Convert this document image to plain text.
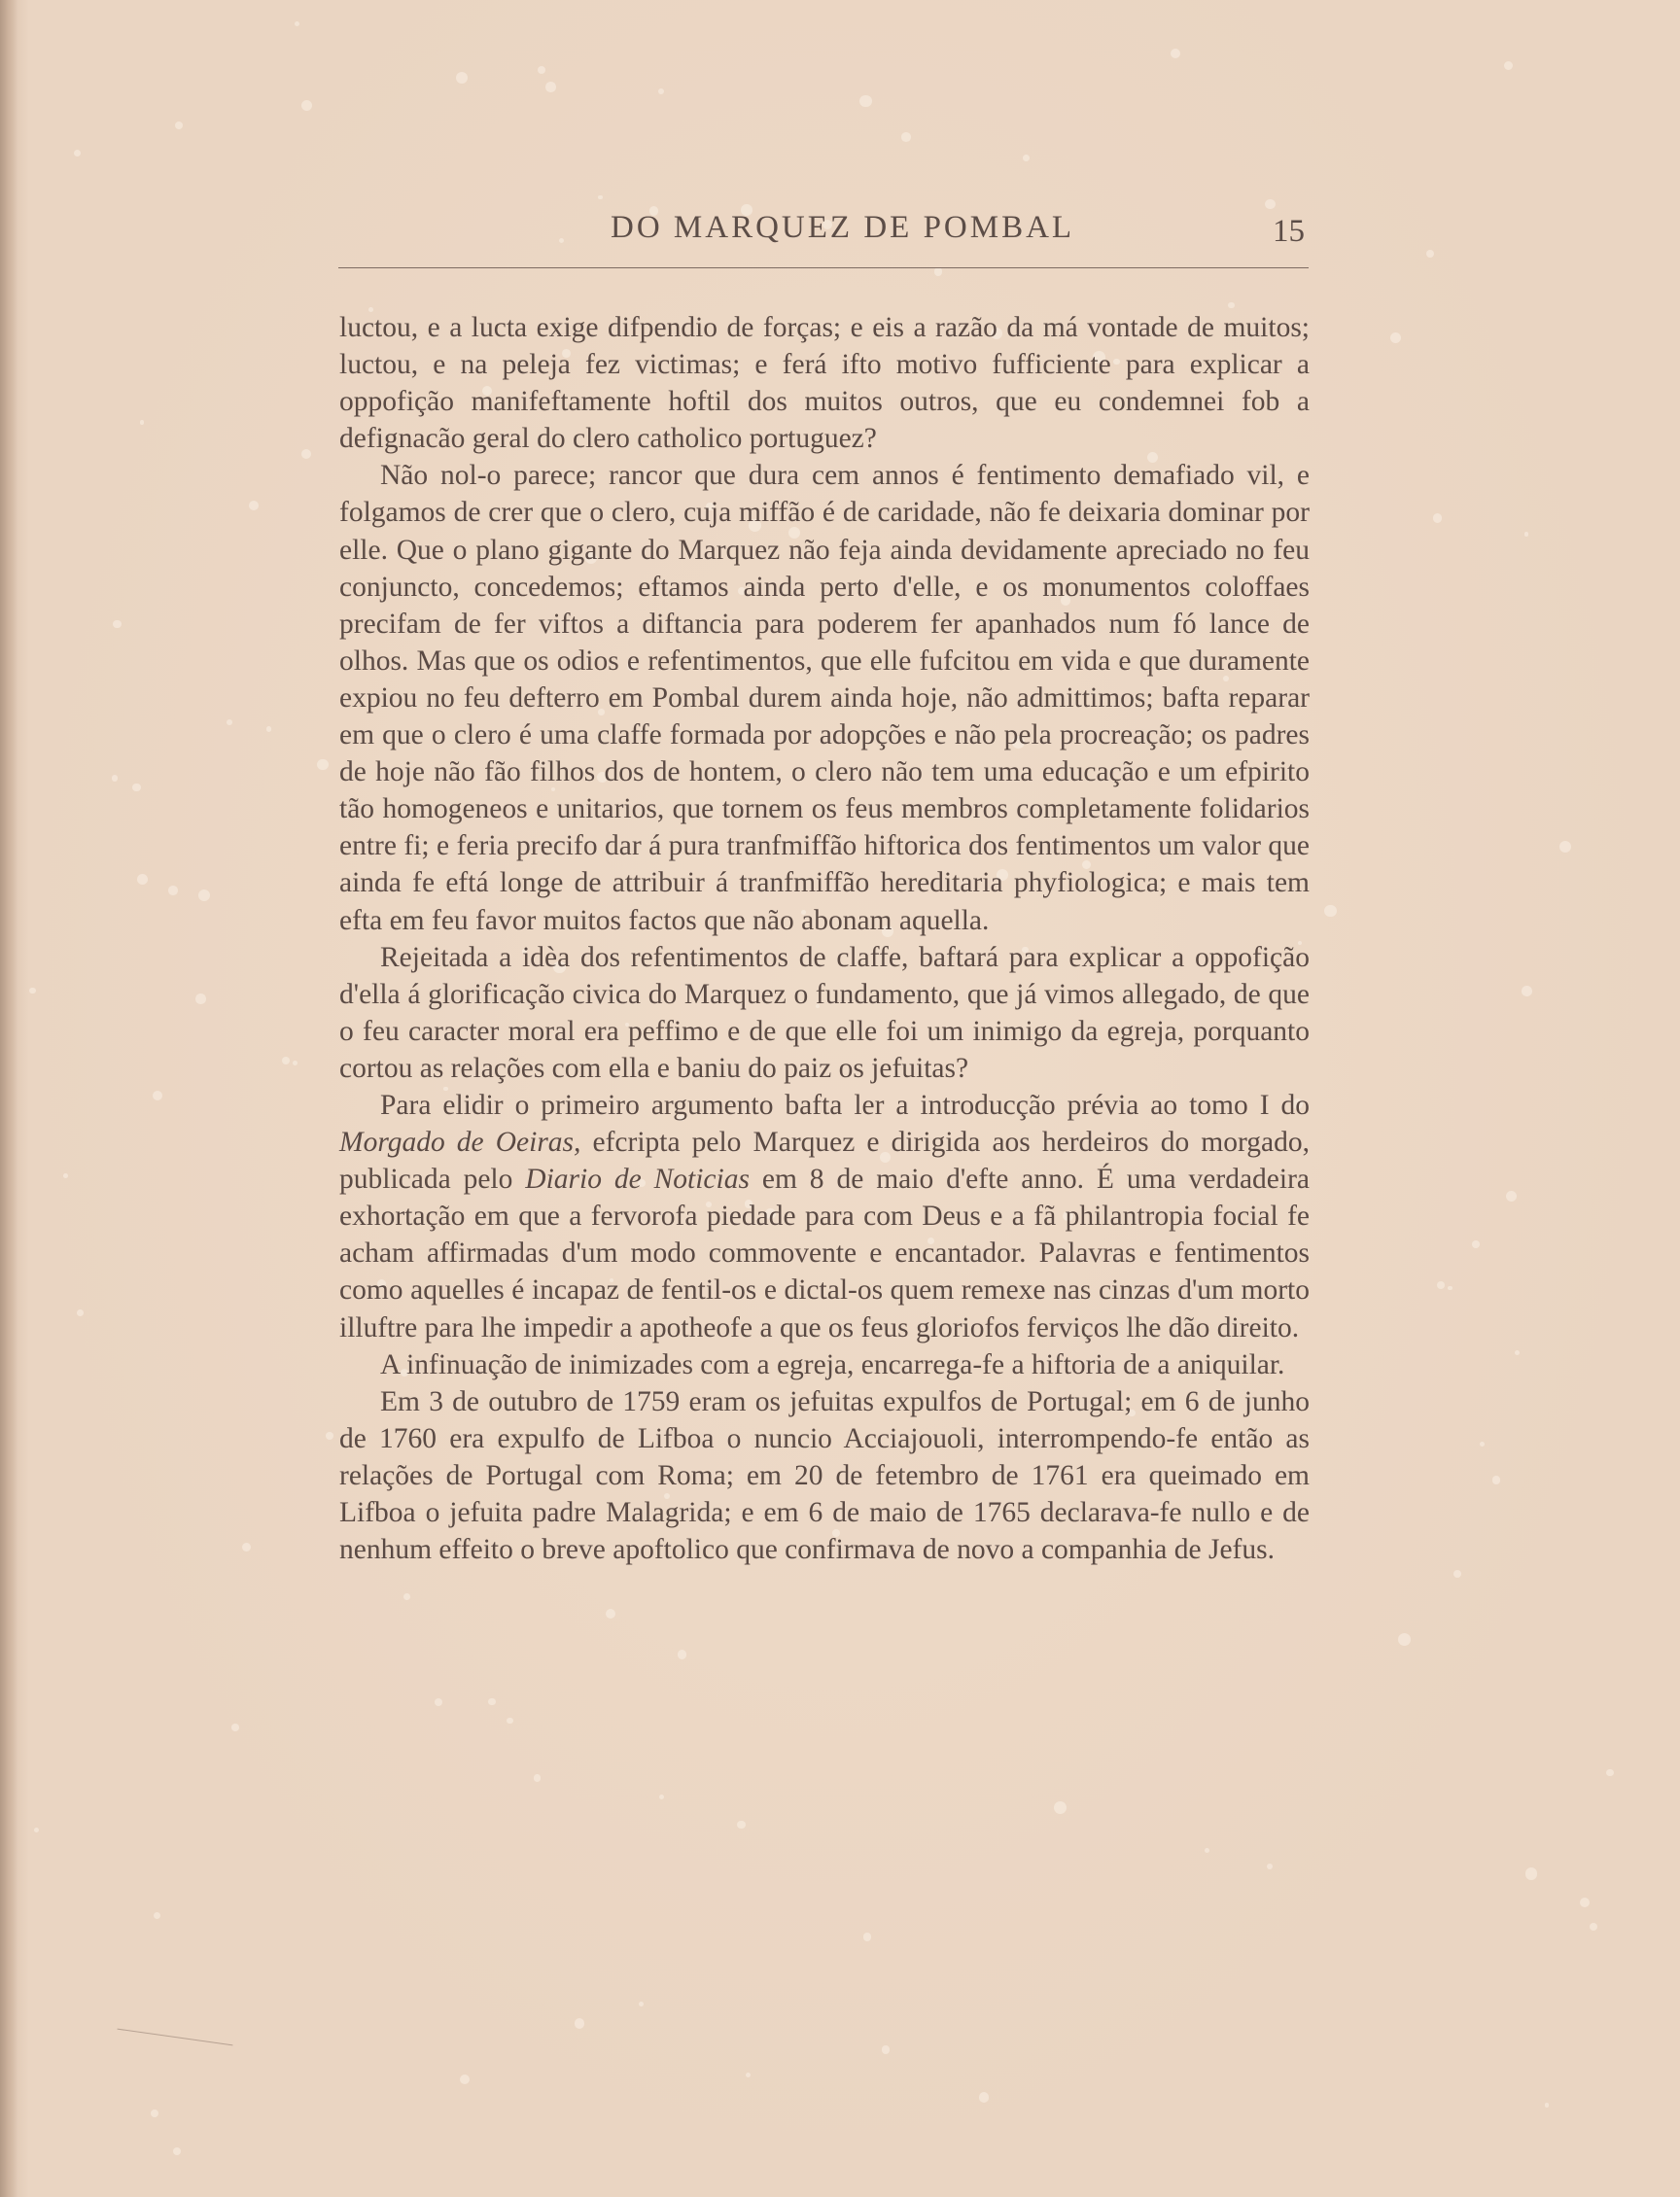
DO MARQUEZ DE POMBAL	15

luctou, e a lucta exige difpendio de forças; e eis a razão da má vontade de muitos; luctou, e na peleja fez victimas; e ferá ifto motivo fufficiente para explicar a oppofição manifeftamente hoftil dos muitos outros, que eu condemnei fob a defignacão geral do clero catholico portuguez?

Não nol-o parece; rancor que dura cem annos é fentimento demafiado vil, e folgamos de crer que o clero, cuja miffão é de caridade, não fe deixaria dominar por elle. Que o plano gigante do Marquez não feja ainda devidamente apreciado no feu conjuncto, concedemos; eftamos ainda perto d'elle, e os monumentos coloffaes precifam de fer viftos a diftancia para poderem fer apanhados num fó lance de olhos. Mas que os odios e refentimentos, que elle fufcitou em vida e que duramente expiou no feu defterro em Pombal durem ainda hoje, não admittimos; bafta reparar em que o clero é uma claffe formada por adopções e não pela procreação; os padres de hoje não fão filhos dos de hontem, o clero não tem uma educação e um efpirito tão homogeneos e unitarios, que tornem os feus membros completamente folidarios entre fi; e feria precifo dar á pura tranfmiffão hiftorica dos fentimentos um valor que ainda fe eftá longe de attribuir á tranfmiffão hereditaria phyfiologica; e mais tem efta em feu favor muitos factos que não abonam aquella.

Rejeitada a idèa dos refentimentos de claffe, baftará para explicar a oppofição d'ella á glorificação civica do Marquez o fundamento, que já vimos allegado, de que o feu caracter moral era peffimo e de que elle foi um inimigo da egreja, porquanto cortou as relações com ella e baniu do paiz os jefuitas?

Para elidir o primeiro argumento bafta ler a introducção prévia ao tomo I do Morgado de Oeiras, efcripta pelo Marquez e dirigida aos herdeiros do morgado, publicada pelo Diario de Noticias em 8 de maio d'efte anno. É uma verdadeira exhortação em que a fervorofa piedade para com Deus e a fã philantropia focial fe acham affirmadas d'um modo commovente e encantador. Palavras e fentimentos como aquelles é incapaz de fentil-os e dictal-os quem remexe nas cinzas d'um morto illuftre para lhe impedir a apotheofe a que os feus gloriofos ferviços lhe dão direito.

A infinuação de inimizades com a egreja, encarrega-fe a hiftoria de a aniquilar.

Em 3 de outubro de 1759 eram os jefuitas expulfos de Portugal; em 6 de junho de 1760 era expulfo de Lifboa o nuncio Acciajouoli, interrompendo-fe então as relações de Portugal com Roma; em 20 de fetembro de 1761 era queimado em Lifboa o jefuita padre Malagrida; e em 6 de maio de 1765 declarava-fe nullo e de nenhum effeito o breve apoftolico que confirmava de novo a companhia de Jefus.
